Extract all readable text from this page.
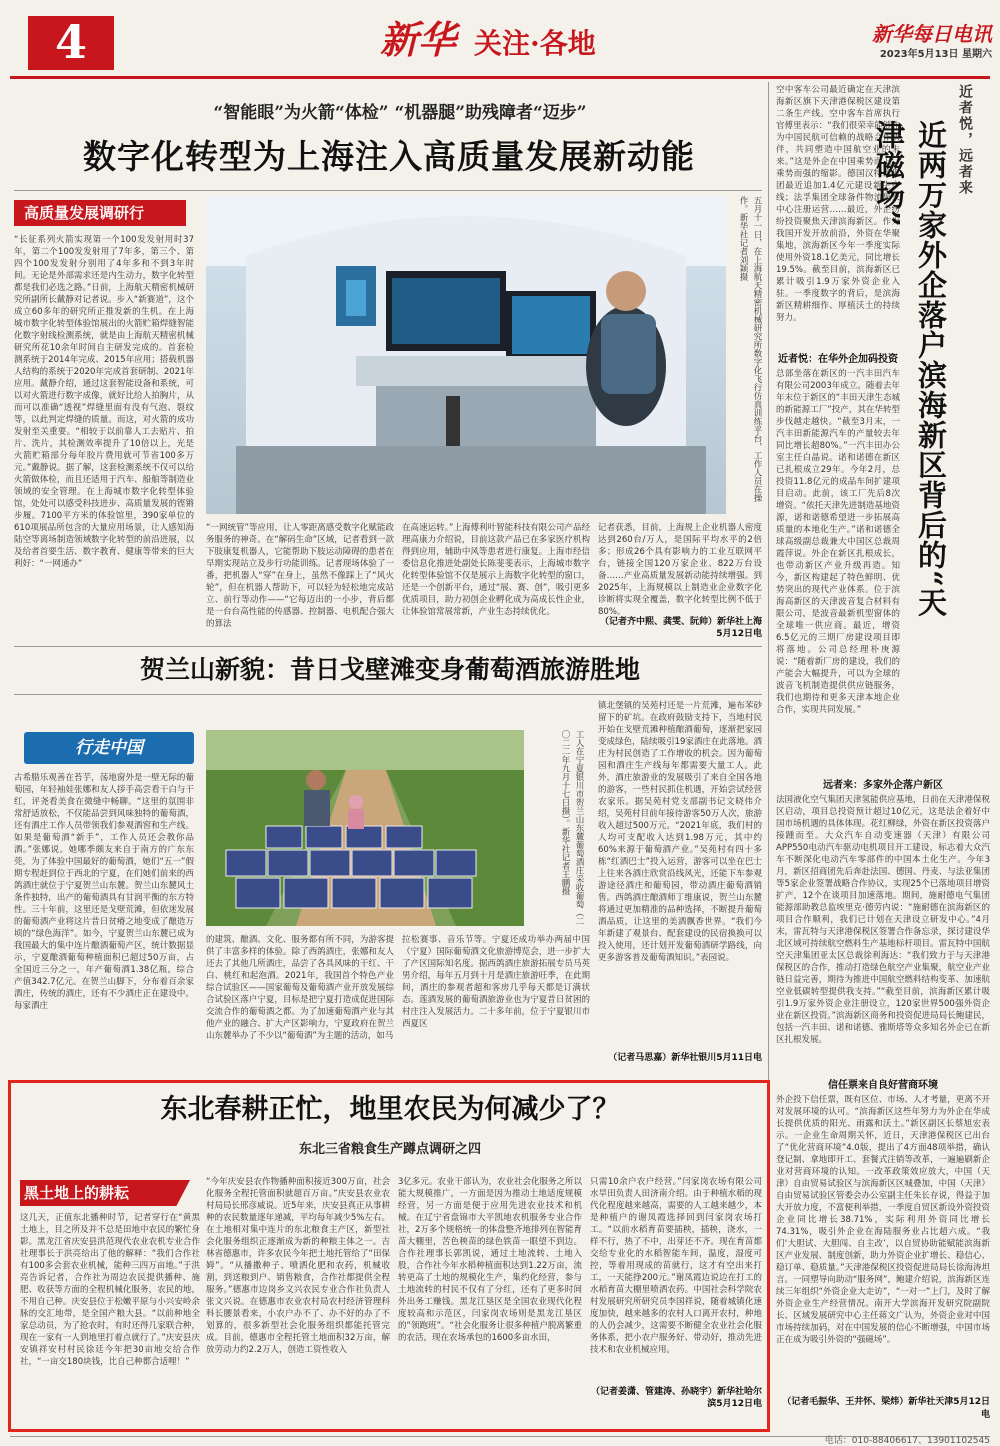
4	新华 关注·各地	新华每日电讯
2023年5月13日 星期六
空中客车公司最近确定在天津滨海新区旗下天津港保税区建设第二条生产线。空中客车首席执行官傅里表示：“我们很荣幸能够作为中国民航可信赖的战略合作伙伴，共同塑造中国航空业的未来。”这是外企在中国乘势而上、乘势而强的缩影。德国汉特曼集团最近追加1.4亿元建设新生产线；法孚集团全球备件物流集来中心注册运营……最近，外企纷纷投资聚焦天津滨海新区。作为我国开发开放前沿，外资在华聚集地，滨海新区今年一季度实际使用外资18.1亿美元，同比增长19.5%。截至目前，滨海新区已累计吸引1.9万家外资企业入驻。一季度数字的背后，是滨海新区精耕细作、厚植沃土的持续努力。
近者悦，远者来
近两万家外企落户滨海新区背后的“天津磁场”
近者悦：在华外企加码投资
总部坐落在新区的一汽丰田汽车有限公司2003年成立。随着去年年末位于新区的“丰田天津生态城的新能源工厂”投产，其在华转型步伐越走越快。“截至3月末，一汽丰田新能源汽车的产量较去年同比增长超80%。”一汽丰田办公室主任白晶说。诺和诺德在新区已扎根成立29年。今年2月，总投资11.8亿元的成品车间扩建项目启动。此前，该工厂先后8次增资。“依托天津先进制造基地资源，诺和诺德希望进一步拓展高质量的本地化生产。”诺和诺德全球高级副总裁兼大中国区总裁周霞萍说。外企在新区扎根成长，也带动新区产业升级再造。知今，新区构建起了特色鲜明、优势突出的现代产业体系。位于滨海高新区的天津波音复合材料有限公司，是波音最新机型窗体的全球唯一供应商。最近，增资6.5亿元的三期厂房建设项目即将落地。公司总经理朴庚源说：“随着新厂房的建设，我们的产能会大幅提升，可以为全球的波音飞机制造提供供应链服务，我们也期待和更多天津本地企业合作，实现共同发展。”
远者来：多家外企落户新区
法国液化空气集团天津氢能供应基地，日前在天津港保税区启动，项目总投资预计超过10亿元，这是法企着好中国市场机遇的具体体现。花红柳绿，外资在新区投资落户接踵而至。大众汽车自动变速器（天津）有限公司APP550电动汽车驱动电机项目开工建设，标志着大众汽车不断深化电动汽车零部件的中国本土化生产。今年3月，新区招商团先后奔赴法国、德国、丹麦、与法亚集团等5家企业签署战略合作协议，实现25个已落地项目增资扩产，12个在谈项目加速落地。期间，施耐德电气集团能源部助教总监埃里克·德劳内说：“施耐德在滨海新区的项目合作顺利，我们已计划在天津设立研发中心。”4月末，雷瓦特与天津港保税区签署合作备忘录，探讨建设华北区域可持续航空燃料生产基地标杆项目。雷瓦特中国航空天津集团亚太区总裁徐利海达：“我们致力于与天津港保税区的合作，推动打造绿色航空产业集聚，航空业产业链日益完善，期待为推进中国航空燃料结构变革、加速航空业低碳转型提供我支持。”“截至目前，滨海新区累计吸引1.9万家外资企业注册设立，120家世界500强外资企业在新区投资。”滨海新区商务和投资促进局局长鲍建民，包括一汽丰田、诺和诺德、雅斯塔等众多知名外企已在新区扎根发展。
信任票来自良好营商环境
外企投下信任票，既有区位、市场、人才考量，更离不开对发展环境的认可。“滨海新区这些年努力为外企在华成长提供优质的阳光、雨露和沃土。”新区副区长蔡旭宏表示。一企业生命周期关怀，近日，天津港保税区已出台了“优化营商环境”4.0版，提出了4方面48项举措，确认登记制、拿地即开工、套餐式注销等改革，一遍遍刷新企业对营商环境的认知。一改革政策效应放大，中国（天津）自由贸易试验区与滨海新区区城叠加，中国（天津）自由贸易试验区管委会办公室副主任朱长存说，得益于加大开放力度，不富便利举措，一季度自贸区新设外资投资企业同比增长38.71%，实际利用外资同比增长74.31%，吸引外企业在海陆服务业占比超六成。“我们‘大胆试、大胆闯、自主改’，以自贸协助能赋能滨海新区产业发展、制度创新，助力外资企业扩增长、稳信心、稳订单、稳质量。”天津港保税区投资促进局局长徐海涛坦言。一同塑导向助动“服务网”，鲍建介绍说，滨海新区连续三年组织“外资企业大走访”，“一对一”上门，及时了解外资企业生产经营情况。南开大学滨海开发研究院副院长、区域发展研究中心主任蒋文广认为，外资企业对中国市场持续加码，对在中国发展的信心不断增强，中国市场正在成为吸引外资的“强磁场”。
（记者毛振华、王井怀、梁炜）新华社天津5月12日电
“智能眼”为火箭“体检” “机器腿”助残障者“迈步”
数字化转型为上海注入高质量发展新动能
高质量发展调研行
“长征系列火箭实现第一个100发发射用时37年，第二个100发发射用了7年多，第三个、第四个100发发射分别用了4年多和不到3年时间。无论是外部需求还是内生动力，数字化转型都是我们必选之路。”日前，上海航天精密机械研究所副所长戴静对记者说。步入“新赛道”，这个成立60多年的研究所正推发新的生机。在上海城市数字化转型体验馆展出的火箭贮箱焊缝智能化数字射线检测系统，就是由上海航天精密机械研究所花10余年时间自主研发完成的。首套检测系统于2014年完成、2015年应用；搭载机器人结构的系统于2020年完成首套研制、2021年应用。戴静介绍，通过这套智能设备和系统，可以对火箭进行数字成像，就好比给人拍胸片，从而可以准确“透视”焊缝里面有没有气泡、裂纹等，以此判定焊缝的质量。而这，对火箭的成功发射至关重要。“相较于以前靠人工去贴片、拍片、洗片，其检测效率提升了10倍以上，光是火箭贮箱部分每年胶片费用就可节省100多万元。”戴静说。据了解，这套检测系统不仅可以给火箭做体检，而且还适用于汽车、船舶等制造业领域的安全管理。在上海城市数字化转型体验馆，处处可以感受科技进步、高质量发展的铿锵步履。7100平方米的体验馆里，390家单位的610项展品所包含的大量应用场景，让人感知海陆空等离场制造领域数字化转型的前沿进展，以及给者首要生活、数字教育、健康等带来的巨大利好：“一网通办”
五月十一日，在上海航天精密机械研究所数字化飞行仿真训练平台，工作人员在操作。新华社记者刘颖摄
“一网统管”等应用，让人零距离感受数字化赋能政务服务的神奇。在“解码生命”区域，记者看到一款下肢康复机器人，它能帮助下肢运动障碍的患者在早期实现站立及步行功能训练。记者现场体验了一番，把机器人“穿”在身上，虽然不像踩上了“风火轮”，但在机器人帮助下，可以轻为轻松地完成站立、前行等动作——“它每迈出的一小步，背后都是一台台高性能的传感器、控制器、电机配合强大的算法
在高速运转。”上海傅利叶智能科技有限公司产品经理高康力介绍说，目前这款产品已在多家医疗机构得到应用，辅助中风等患者进行康复。上海市经信委信息化推进处副处长陈斐斐表示，上海城市数字化转型体验馆不仅是展示上海数字化转型的窗口，还是一个创新平台，通过“展、赛、创”，吸引更多优质项目，助力初创企业孵化成为高成长性企业，让体验馆常展常新，产业生态持续优化。
记者获悉，目前，上海规上企业机器人密度达到260台/万人，是国际平均水平的2倍多；形成26个具有影响力的工业互联网平台，链接全国120万家企业、822万台设备……产业高质量发展新动能持续增强。到2025年，上海规模以上制造业企业数字化诊断将实现全覆盖，数字化转型比例不低于80%。
（记者齐中熙、龚雯、阮帅）新华社上海5月12日电
贺兰山新貌：昔日戈壁滩变身葡萄酒旅游胜地
行走中国
古希腊乐观善在苔芋，荡地窗外是一壁无际的葡萄园，年轻袖娃张娜和友人拶手高尝看干白与干红，评尧看美食在微缝中畅聊。“这里的氛围非常舒适放松，不仅能品尝到风味独特的葡萄酒，还有酒庄工作人员带领我们参观酒窖和生产线。如果是葡萄酒“新手”，工作人员还会教你品酒。”张娜说。她哪季颇友来自于南方的广东东莞，为了体验中国最好的葡萄酒，她们“五一”假期专程赶到位于西北的宁夏，在们她们前来的西鸽酒庄就位于宁夏贺兰山东麓。贺兰山东麓风土条件独特，出产的葡萄酒具有甘润平衡的东方特性。三十年前，这里还是戈壁荒滩，但依迷发展的葡萄酒产业将这片昔日贫瘠之地变成了酿造万顷的“绿色海洋”。如今，宁夏贺兰山东麓已成为我国最大的集中连片酿酒葡萄产区，统计数据显示，宁夏酿酒葡萄种植面积已超过50万亩，占全国近三分之一，年产葡萄酒1.38亿瓶，综合产值342.7亿元。在贺兰山脚下，分布着百余家酒庄，传统的酒庄，还有不少酒庄正在建设中。每家酒庄
工人在宁夏银川市贺兰山东麓葡萄酒庄采收葡萄（二〇二二年九月十七日摄）。新华社记者王鹏摄
的建筑、酿酒、文化、服务都有所不同，为游客提供了丰富多样的体验。除了西鸽酒庄，张娜和友人还去了其他几所酒庄，品尝了各具风味的干红、干白、桃红和起泡酒。2021年，我国首个特色产业综合试验区——国家葡萄及葡萄酒产业开放发展综合试验区落户宁夏，目标是把宁夏打造成促进国际交流合作的葡萄酒之都。为了加速葡萄酒产业与其他产业的融合、扩大产区影响力，宁夏政府在贺兰山东麓举办了不少以“葡萄酒”为主题的活动，如马
拉松赛事、音乐节等。宁夏还成功举办两届中国（宁夏）国际葡萄酒文化旅游博览会，进一步扩大了产区国际知名度。据西鸽酒庄旅游拓展专员马英男介绍，每年五月到十月是酒庄旅游旺季，在此期间，酒庄的参观者超和客房几乎每天都是订满状态。莲酒发展的葡萄酒旅游业也为宁夏昔日贫困的村庄注入发展活力。二十多年前，位于宁夏银川市西夏区
镇北堡镇的吴苑村还是一片荒滩，遍布苯砂留下的矿坑。在政府鼓励支持下，当地村民开始在戈壁荒滩种植酿酒葡萄，逐渐把家园变成绿色，陆续吸引19家酒庄在此落地。酒庄为村民创造了工作增收的机会。因为葡萄园和酒庄生产线每年都需要大量工人。此外，酒庄旅游业的发展吸引了来自全国各地的游客，一些村民抓住机遇，开始尝试经营农家乐。据吴苑村党支部副书记文晓伟介绍，吴苑村目前年接待游客50万人次，旅游收入超过500万元。“2021年底，我们村的人均可支配收入达到1.98万元，其中约60%来源于葡萄酒产业。”吴苑村有四十多栋“红酒巴士”投入运营，游客可以坐在巴士上往来各酒庄欣赏沿线风光，还能下车参观游途径酒庄和葡萄园，带动酒庄葡萄酒销售。西鸽酒庄酿酒师丁维康说，贺兰山东麓将通过更加精准的品种选择，不断提升葡萄酒品质，让这里的美酒飘香世界。“我们今年新建了观景台、配套建设的民宿换换可以投入使用，还计划开发葡萄酒研学路线，向更多游客普及葡萄酒知识。”表园说。
（记者马思嘉）新华社银川5月11日电
东北春耕正忙，地里农民为何减少了？
东北三省粮食生产蹲点调研之四
黑土地上的耕耘
这几天，正值东北播种时节，记者穿行在“黄黑土地上，目之所及并不总是田地中农民的繁忙身影。黑龙江省庆安县洪范现代农业农机专业合作社理事长于洪亮给出了他的解释：“我们合作社有100多会套农业机械，能种三四万亩地。”于洪亮告诉记者，合作社为周边农民提供播种、施肥、收获等方面的全程机械化服务，农民的地，不用自己种。庆安县位于松嫩平原与小兴安岭余脉的交汇地带，是全国产粮大县。“以前种地全家总动员，为了抢农时，有时还得几家联合种，现在一家有一人到地里打着点就行了。”庆安县庆安镇祥安村村民徐廷今年把30亩地交给合作社，“一亩交180块钱，比自己种都合适哩！”
“今年庆安县农作物播种面积接近300万亩，社会化服务全程托管面积就超百万亩。”庆安县农业农村局局长邢彦威说。近5年来，庆安县真正从事耕种的农民数量逐年递减，平均每年减少5%左右。在土地相对集中连片的东北粮食主产区，新型社会化服务组织正逐渐成为新的种粮主体之一。吉林省德惠市，许多农民今年把土地托管给了“田保姆”。“从播撒种子、喷洒化肥和农药，机械收割，到送粮到户、销售粮食，合作社都提供全程服务。”德惠市边岗乡文兴农民专业合作社负责人张文兴说。在德惠市农业农村局农村经济管理科科长腰景看来，小农户办不了、办不好的办了不划算的，很多新型社会化服务组织都能托管完成。目前，德惠市全程托管土地面积32万亩，解放劳动力约2.2万人，创造工资性收入
3亿多元。农业干部认为，农业社会化服务之所以能大规模推广，一方面是因为推动土地适度规模经营，另一方面是便于应用先进农业技术和机械。在辽宁省盘锦市大平凯地农机服务专业合作社，2万多个规格统一的体盘整齐地排列在智能育苗大棚里，苦色秧苗的绿色铁苗一眼望不到边。合作社理事长郭凯说，通过土地流转、土地入股，合作社今年水稻种植面积达到1.22万亩，流转更高了土地的规模化生产，集约化经营，参与土地流转的村民不仅有了分红，还有了更多时间外出务工赚钱。黑龙江垦区是全国农业现代化程度较高和示范区，闫家岗农场则是黑龙江垦区的“领跑班”。“社会化服务让很多种植户脱离繁重的农活，现在农场承包的1600多亩水田，
只需10余户农户经营。”闫家岗农场有限公司水旱田负责人田济南介绍。由于种植水稻的现代化程度越来越高，需要的人工越来越少，本是种植户的谢凤霞选择回到闫家岗农场打工。“以前水稻育苗要插秧，插秧，浇水，一样不行，热了不中，出芽还不齐。现在育苗都交给专业化的水稻智能车间，温度，湿度可控，等着用现成的苗就行，这才有空出来打工，一天能挣200元。”谢凤霞边说边在打工的水稻育苗大棚里喷洒农药。中国社会科学院农村发展研究所研究员李国祥说，随着城镇化速度加快，越来越多的农村人口离开农村，种地的人仍会减少，这需要不断健全农业社会化服务体系，把小农户服务好、带动好，推动先进技术和农业机械应用。
（记者姜潇、管建涛、孙晓宇）新华社哈尔滨5月12日电
电话：010-88406617、13901102545
